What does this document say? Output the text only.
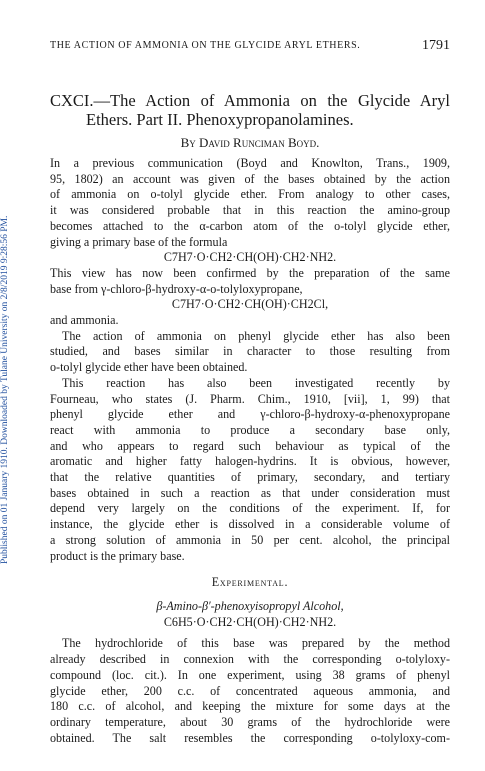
Published on 01 January 1910. Downloaded by Tulane University on 2/8/2019 9:28:56 PM.
THE ACTION OF AMMONIA ON THE GLYCIDE ARYL ETHERS.	1791
CXCI.—The Action of Ammonia on the Glycide Aryl
Ethers. Part II. Phenoxypropanolamines.
By David Runciman Boyd.
In a previous communication (Boyd and Knowlton, Trans., 1909,
95, 1802) an account was given of the bases obtained by the action
of ammonia on o-tolyl glycide ether. From analogy to other cases,
it was considered probable that in this reaction the amino-group
becomes attached to the α-carbon atom of the o-tolyl glycide ether,
giving a primary base of the formula
C7H7·O·CH2·CH(OH)·CH2·NH2.
This view has now been confirmed by the preparation of the same
base from γ-chloro-β-hydroxy-α-o-tolyloxypropane,
C7H7·O·CH2·CH(OH)·CH2Cl,
and ammonia.
The action of ammonia on phenyl glycide ether has also been
studied, and bases similar in character to those resulting from
o-tolyl glycide ether have been obtained.
This reaction has also been investigated recently by
Fourneau, who states (J. Pharm. Chim., 1910, [vii], 1, 99) that
phenyl glycide ether and γ-chloro-β-hydroxy-α-phenoxypropane
react with ammonia to produce a secondary base only,
and who appears to regard such behaviour as typical of the
aromatic and higher fatty halogen-hydrins. It is obvious, however,
that the relative quantities of primary, secondary, and tertiary
bases obtained in such a reaction as that under consideration must
depend very largely on the conditions of the experiment. If, for
instance, the glycide ether is dissolved in a considerable volume of
a strong solution of ammonia in 50 per cent. alcohol, the principal
product is the primary base.
Experimental.
β-Amino-β′-phenoxyisopropyl Alcohol,
C6H5·O·CH2·CH(OH)·CH2·NH2.
The hydrochloride of this base was prepared by the method
already described in connexion with the corresponding o-tolyloxy-
compound (loc. cit.). In one experiment, using 38 grams of phenyl
glycide ether, 200 c.c. of concentrated aqueous ammonia, and
180 c.c. of alcohol, and keeping the mixture for some days at the
ordinary temperature, about 30 grams of the hydrochloride were
obtained. The salt resembles the corresponding o-tolyloxy-com-
